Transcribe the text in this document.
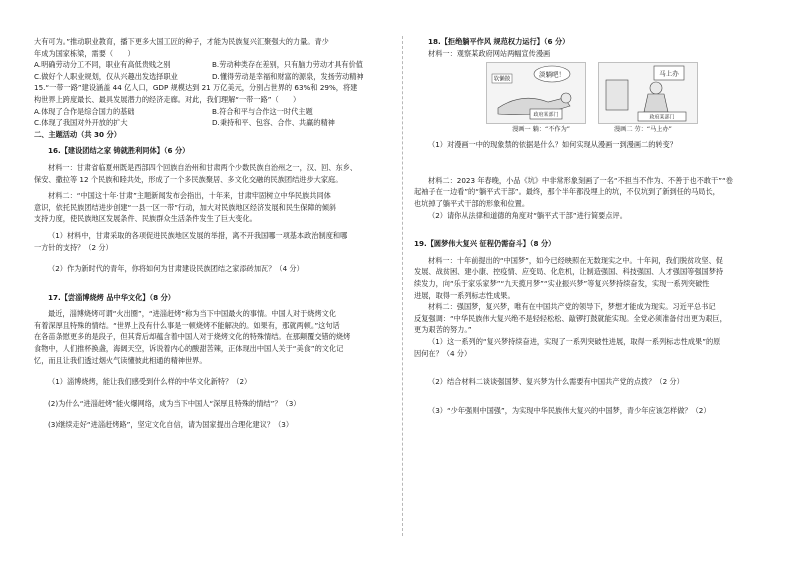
大有可为。”推动职业教育，播下更多大国工匠的种子，才能为民族复兴汇聚强大的力量。青少

年成为国家栋梁，需要（　　）

A.明确劳动分工不同，职业有高低贵贱之别	B.劳动种类存在差别，只有脑力劳动才具有价值
C.做好个人职业规划，仅从兴趣出发选择职业	D.懂得劳动是幸福和财富的源泉，发扬劳动精神

15.“一带一路”建设涵盖 44 亿人口，GDP 规模达到 21 万亿美元，分别占世界的 63%和 29%，将建

构世界上跨度最长、最具发展潜力的经济走廊。对此，我们理解“一带一路”（　　）

A.体现了合作是综合国力的基础	B.符合和平与合作这一时代主题
C.体现了我国对外开放的扩大	D.秉持和平、包容、合作、共赢的精神

二、主题活动（共 30 分）

16.【建设团结之家 铸就胜利同体】（6 分）

材料一：甘肃省临夏州既是西部四个回族自治州和甘肃两个少数民族自治州之一，汉、回、东乡、

保安、撒拉等 12 个民族和睦共处，形成了一个多民族聚居、多文化交融的民族团结进步大家庭。

材料二：“中国这十年·甘肃”主题新闻发布会指出，十年来，甘肃牢固树立中华民族共同体

意识，依托民族团结进步创建“一县一区一带”行动，加大对民族地区经济发展和民生保障的倾斜

支持力度，使民族地区发展条件、民族群众生活条件发生了巨大变化。

（1）材料中，甘肃采取的各项促进民族地区发展的举措，离不开我国哪一项基本政治制度和哪

一方针的支持？（2 分）

（2）作为新时代的青年，你将如何为甘肃建设民族团结之家添砖加瓦？（4 分）

17.【尝淄博烧烤 品中华文化】（8 分）

最近，淄博烧烤可谓“火出圈”，“进淄赶烤”称为当下中国最火的事情。中国人对于烧烤文化

有着深厚且特殊的情结。“世界上没有什么事是一顿烧烤不能解决的。如果有，那就两顿。”这句话

在各苗条慰更多的是段子，但其背后却蕴含着中国人对于烧烤文化的特殊情结。在那颠覆交错的烧烤

食物中，人们推杯换盏，海阔天空，诉说着内心的酸甜苦辣，正体现出中国人关于“美食”的文化记

忆，而且让我们透过烟火气读懂彼此相通的精神世界。

（1）淄博烧烤，能让我们感受到什么样的中华文化新特？（2）

(2)为什么“进淄赶烤”能火爆网络，成为当下中国人“深厚且特殊的情结”？（3）

(3)继续走好“进淄赶烤路”，坚定文化自信，请为国家提出合理化建议？（3）

18.【拒绝躺平作风 规范权力运行】（6 分）

材料一：观察某政府网站两幅宣传漫画

软懒散
淡躺吧！
政府某部门
马上办
政府某部门
漫画一 躺：“不作为”	漫画二 劳：“马上办”

（1）对漫画一中的现象禁的依据是什么？如何实现从漫画一到漫画二的转变？

材料二：2023 年春晚，小品《坑》中非常形象刻画了一名“不担当不作为、不善于也不敢干”“卷

起袖子在一边看”的“躺平式干部”。最终，那个半年都没埋上的坑，不仅坑到了新到任的马局长，

也坑掉了躺平式干部的形象和位置。

（2）请你从法律和道德的角度对“躺平式干部”进行简要点评。

19.【圆梦伟大复兴 征程仍需奋斗】（8 分）

材料一：十年前提出的“中国梦”，如今已经映照在无数现实之中。十年间，我们脱贫攻坚、促

发展、战贫困、建小康、控疫情、应变局、化危机，让制造强国、科技强国、人才强国等强国梦持

续发力，向“乐于家乐家梦”“九天揽月梦”“实业振兴梦”等复兴梦持续奋发，实现一系列突破性

进展，取得一系列标志性成果。

材料二：强国梦，复兴梦，唯有在中国共产党的领导下，梦想才能成为现实。习近平总书记

反复强调：“中华民族伟大复兴绝不是轻轻松松、敲锣打鼓就能实现。全党必须准备付出更为艰巨，

更为艰苦的努力。”

（1）这一系列的“复兴梦持续奋进，实现了一系列突破性进展，取得一系列标志性成果”的原

因何在？（4 分）

（2）结合材料二谈谈强国梦、复兴梦为什么需要有中国共产党的点拨？（2 分）

（3）“少年强则中国强”，为实现中华民族伟大复兴的中国梦，青少年应该怎样做？（2）
